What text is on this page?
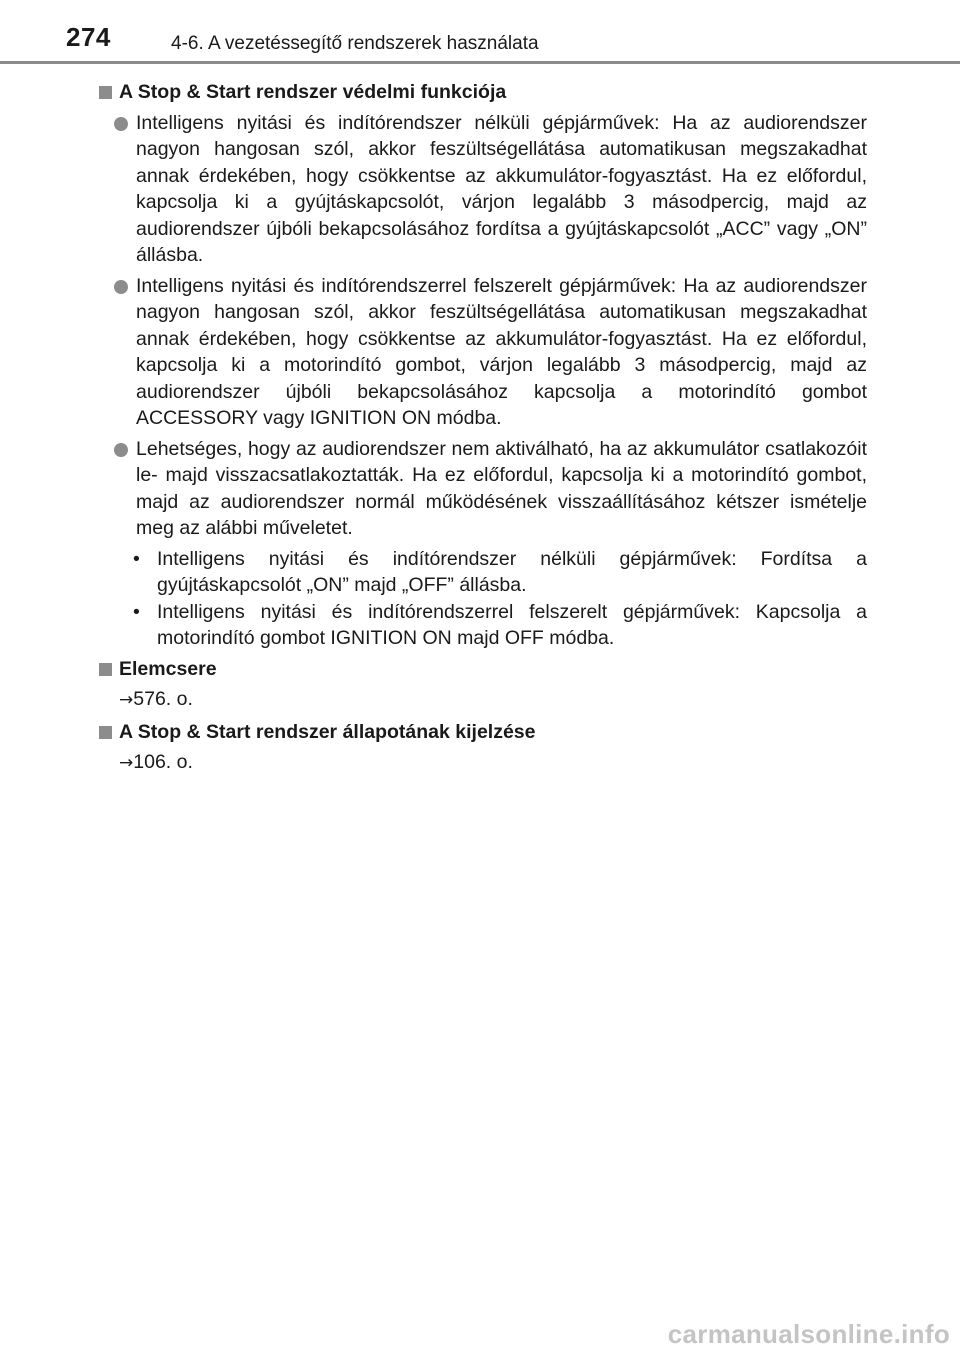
274	4-6. A vezetéssegítő rendszerek használata
A Stop & Start rendszer védelmi funkciója
Intelligens nyitási és indítórendszer nélküli gépjárművek: Ha az audiorendszer nagyon hangosan szól, akkor feszültségellátása automatikusan megszakadhat annak érdekében, hogy csökkentse az akkumulátor-fogyasztást. Ha ez előfordul, kapcsolja ki a gyújtáskapcsolót, várjon legalább 3 másodpercig, majd az audiorendszer újbóli bekapcsolásához fordítsa a gyújtáskapcsolót „ACC” vagy „ON” állásba.
Intelligens nyitási és indítórendszerrel felszerelt gépjárművek: Ha az audiorendszer nagyon hangosan szól, akkor feszültségellátása automatikusan megszakadhat annak érdekében, hogy csökkentse az akkumulátor-fogyasztást. Ha ez előfordul, kapcsolja ki a motorindító gombot, várjon legalább 3 másodpercig, majd az audiorendszer újbóli bekapcsolásához kapcsolja a motorindító gombot ACCESSORY vagy IGNITION ON módba.
Lehetséges, hogy az audiorendszer nem aktiválható, ha az akkumulátor csatlakozóit le- majd visszacsatlakoztatták. Ha ez előfordul, kapcsolja ki a motorindító gombot, majd az audiorendszer normál működésének visszaállításához kétszer ismételje meg az alábbi műveletet.
• Intelligens nyitási és indítórendszer nélküli gépjárművek: Fordítsa a gyújtáskapcsolót „ON” majd „OFF” állásba.
• Intelligens nyitási és indítórendszerrel felszerelt gépjárművek: Kapcsolja a motorindító gombot IGNITION ON majd OFF módba.
Elemcsere
→576. o.
A Stop & Start rendszer állapotának kijelzése
→106. o.
carmanualsonline.info
